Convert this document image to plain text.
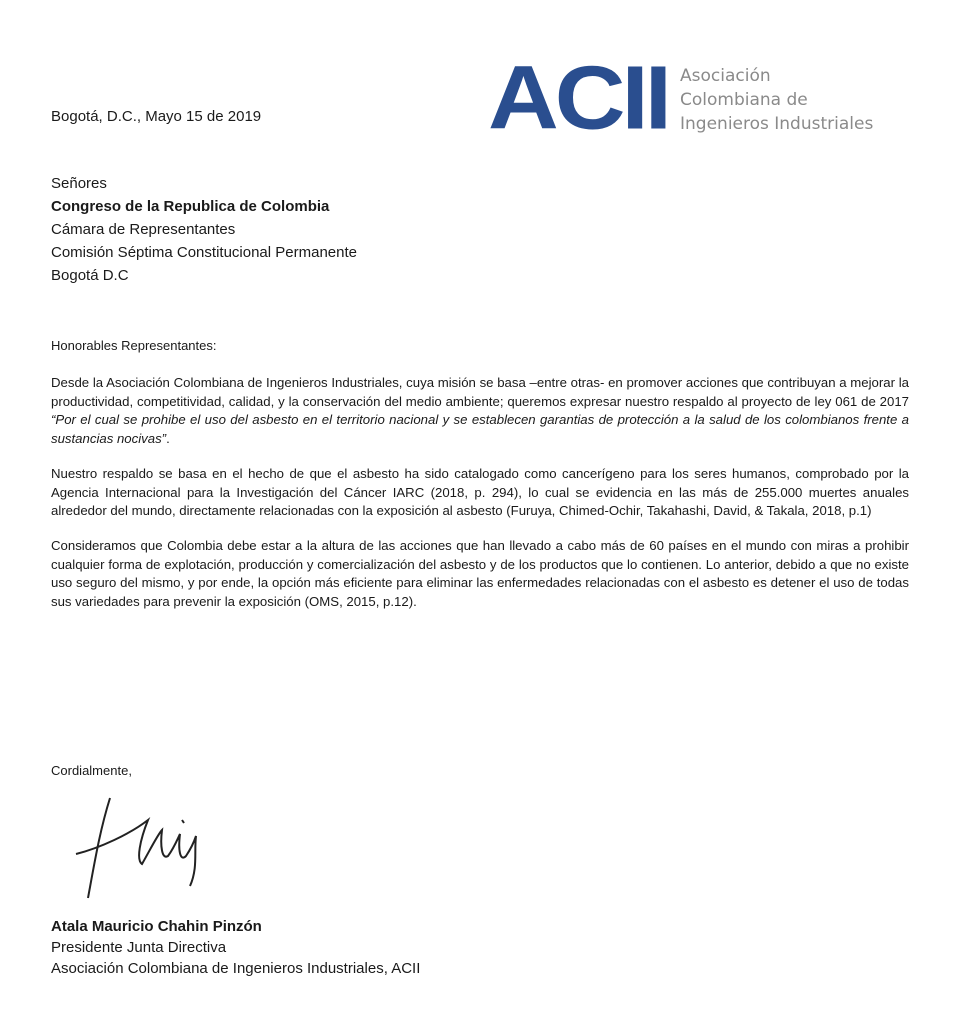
ACII Asociación
Colombiana de
Ingenieros Industriales
Bogotá, D.C., Mayo 15 de 2019
Señores
Congreso de la Republica de Colombia
Cámara de Representantes
Comisión Séptima Constitucional Permanente
Bogotá D.C
Honorables Representantes:

Desde la Asociación Colombiana de Ingenieros Industriales, cuya misión se basa –entre otras- en promover acciones que contribuyan a mejorar la productividad, competitividad, calidad, y la conservación del medio ambiente; queremos expresar nuestro respaldo al proyecto de ley 061 de 2017 “Por el cual se prohibe el uso del asbesto en el territorio nacional y se establecen garantias de protección a la salud de los colombianos frente a sustancias nocivas”.

Nuestro respaldo se basa en el hecho de que el asbesto ha sido catalogado como cancerígeno para los seres humanos, comprobado por la Agencia Internacional para la Investigación del Cáncer IARC (2018, p. 294), lo cual se evidencia en las más de 255.000 muertes anuales alrededor del mundo, directamente relacionadas con la exposición al asbesto (Furuya, Chimed-Ochir, Takahashi, David, & Takala, 2018, p.1)

Consideramos que Colombia debe estar a la altura de las acciones que han llevado a cabo más de 60 países en el mundo con miras a prohibir cualquier forma de explotación, producción y comercialización del asbesto y de los productos que lo contienen. Lo anterior, debido a que no existe uso seguro del mismo, y por ende, la opción más eficiente para eliminar las enfermedades relacionadas con el asbesto es detener el uso de todas sus variedades para prevenir la exposición (OMS, 2015, p.12).

Cordialmente,
Atala Mauricio Chahin Pinzón
Presidente Junta Directiva
Asociación Colombiana de Ingenieros Industriales, ACII
